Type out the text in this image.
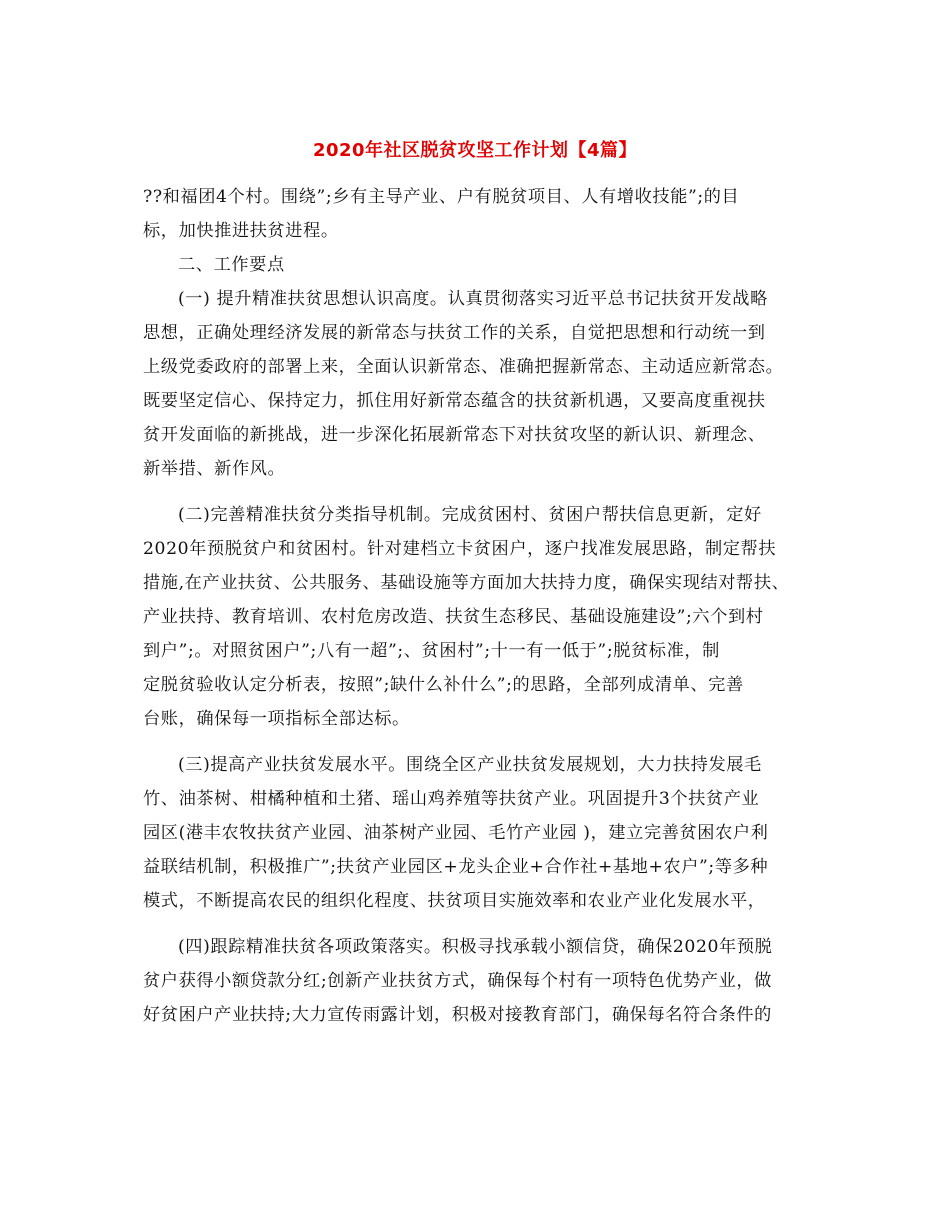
2020年社区脱贫攻坚工作计划【4篇】
??和福团4个村。围绕”;乡有主导产业、户有脱贫项目、人有增收技能”;的目
标，加快推进扶贫进程。
二、工作要点
(一) 提升精准扶贫思想认识高度。认真贯彻落实习近平总书记扶贫开发战略
思想，正确处理经济发展的新常态与扶贫工作的关系，自觉把思想和行动统一到
上级党委政府的部署上来，全面认识新常态、准确把握新常态、主动适应新常态。
既要坚定信心、保持定力，抓住用好新常态蕴含的扶贫新机遇，又要高度重视扶
贫开发面临的新挑战，进一步深化拓展新常态下对扶贫攻坚的新认识、新理念、
新举措、新作风。
(二)完善精准扶贫分类指导机制。完成贫困村、贫困户帮扶信息更新，定好
2020年预脱贫户和贫困村。针对建档立卡贫困户，逐户找准发展思路，制定帮扶
措施,在产业扶贫、公共服务、基础设施等方面加大扶持力度，确保实现结对帮扶、
产业扶持、教育培训、农村危房改造、扶贫生态移民、基础设施建设”;六个到村
到户”;。对照贫困户”;八有一超”;、贫困村”;十一有一低于”;脱贫标准，制
定脱贫验收认定分析表，按照”;缺什么补什么”;的思路，全部列成清单、完善
台账，确保每一项指标全部达标。
(三)提高产业扶贫发展水平。围绕全区产业扶贫发展规划，大力扶持发展毛
竹、油茶树、柑橘种植和土猪、瑶山鸡养殖等扶贫产业。巩固提升3个扶贫产业
园区(港丰农牧扶贫产业园、油茶树产业园、毛竹产业园 )，建立完善贫困农户利
益联结机制，积极推广”;扶贫产业园区+龙头企业+合作社+基地+农户”;等多种
模式，不断提高农民的组织化程度、扶贫项目实施效率和农业产业化发展水平，
(四)跟踪精准扶贫各项政策落实。积极寻找承载小额信贷，确保2020年预脱
贫户获得小额贷款分红;创新产业扶贫方式，确保每个村有一项特色优势产业，做
好贫困户产业扶持;大力宣传雨露计划，积极对接教育部门，确保每名符合条件的
